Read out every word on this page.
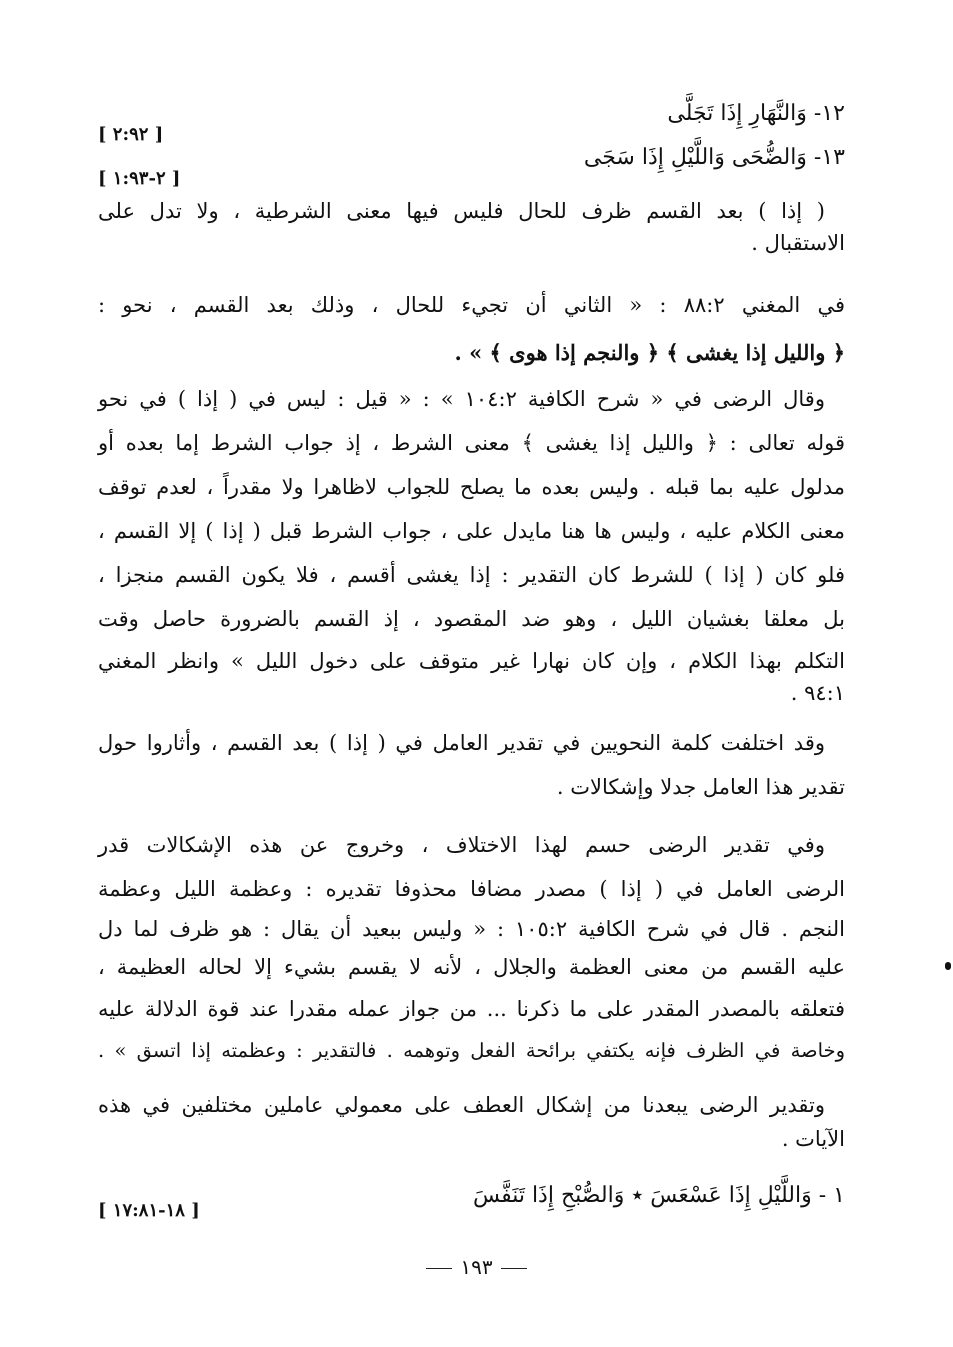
١٢- وَالنَّهَارِ إِذَا تَجَلَّى
[ ٢:٩٢ ]
١٣- وَالضُّحَى وَاللَّيْلِ إِذَا سَجَى
[ ٢-١:٩٣ ]
( إذا ) بعد القسم ظرف للحال فليس فيها معنى الشرطية ، ولا تدل على
الاستقبال .
في المغني ٨٨:٢ : « الثاني أن تجيء للحال ، وذلك بعد القسم ، نحو :
﴿ والليل إذا يغشى ﴾ ﴿ والنجم إذا هوى ﴾ » .
وقال الرضى في « شرح الكافية ١٠٤:٢ » : « قيل : ليس في ( إذا ) في نحو
قوله تعالى : ﴿ والليل إذا يغشى ﴾ معنى الشرط ، إذ جواب الشرط إما بعده أو
مدلول عليه بما قبله . وليس بعده ما يصلح للجواب لاظاهرا ولا مقدراً ، لعدم توقف
معنى الكلام عليه ، وليس ها هنا مايدل على ، جواب الشرط قبل ( إذا ) إلا القسم ،
فلو كان ( إذا ) للشرط كان التقدير : إذا يغشى أقسم ، فلا يكون القسم منجزا ،
بل معلقا بغشيان الليل ، وهو ضد المقصود ، إذ القسم بالضرورة حاصل وقت
التكلم بهذا الكلام ، وإن كان نهارا غير متوقف على دخول الليل » وانظر المغني
٩٤:١ .
وقد اختلفت كلمة النحويين في تقدير العامل في ( إذا ) بعد القسم ، وأثاروا حول
تقدير هذا العامل جدلا وإشكالات .
وفي تقدير الرضى حسم لهذا الاختلاف ، وخروج عن هذه الإشكالات قدر
الرضى العامل في ( إذا ) مصدر مضافا محذوفا تقديره : وعظمة الليل وعظمة
النجم . قال في شرح الكافية ١٠٥:٢ : « وليس ببعيد أن يقال : هو ظرف لما دل
عليه القسم من معنى العظمة والجلال ، لأنه لا يقسم بشيء إلا لحاله العظيمة ،
فتعلقه بالمصدر المقدر على ما ذكرنا ... من جواز عمله مقدرا عند قوة الدلالة عليه
وخاصة في الظرف فإنه يكتفي برائحة الفعل وتوهمه . فالتقدير : وعظمته إذا اتسق » .
وتقدير الرضى يبعدنا من إشكال العطف على معمولي عاملين مختلفين في هذه
الآيات .
١ - وَاللَّيْلِ إِذَا عَسْعَسَ ٭ وَالصُّبْحِ إِذَا تَنَفَّسَ
[ ١٨-١٧:٨١ ]
١٩٣
